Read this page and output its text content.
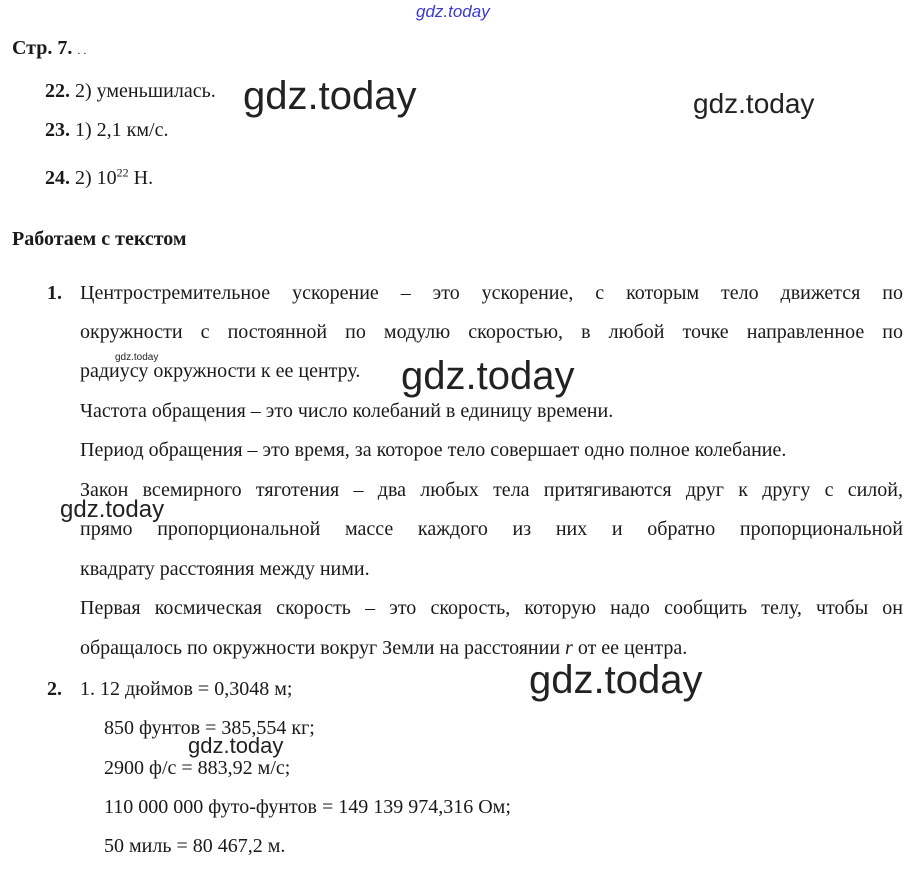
gdz.today
gdz.today	gdz.today
gdz.today	gdz.today
gdz.today
gdz.today
gdz.today
Стр. 7. . .
22. 2) уменьшилась.
23. 1) 2,1 км/с.
24. 2) $10^{22}$ Н.
Работаем с текстом
1. Центростремительное ускорение – это ускорение, с которым тело движется по
окружности с постоянной по модулю скоростью, в любой точке направленное по
радиусу окружности к ее центру.
Частота обращения – это число колебаний в единицу времени.
Период обращения – это время, за которое тело совершает одно полное колебание.
Закон всемирного тяготения – два любых тела притягиваются друг к другу с силой,
прямо пропорциональной массе каждого из них и обратно пропорциональной
квадрату расстояния между ними.
Первая космическая скорость – это скорость, которую надо сообщить телу, чтобы он
обращалось по окружности вокруг Земли на расстоянии r от ее центра.
2. 1. 12 дюймов = 0,3048 м;
850 фунтов = 385,554 кг;
2900 ф/с = 883,92 м/с;
110 000 000 футо-фунтов = 149 139 974,316 Ом;
50 миль = 80 467,2 м.
